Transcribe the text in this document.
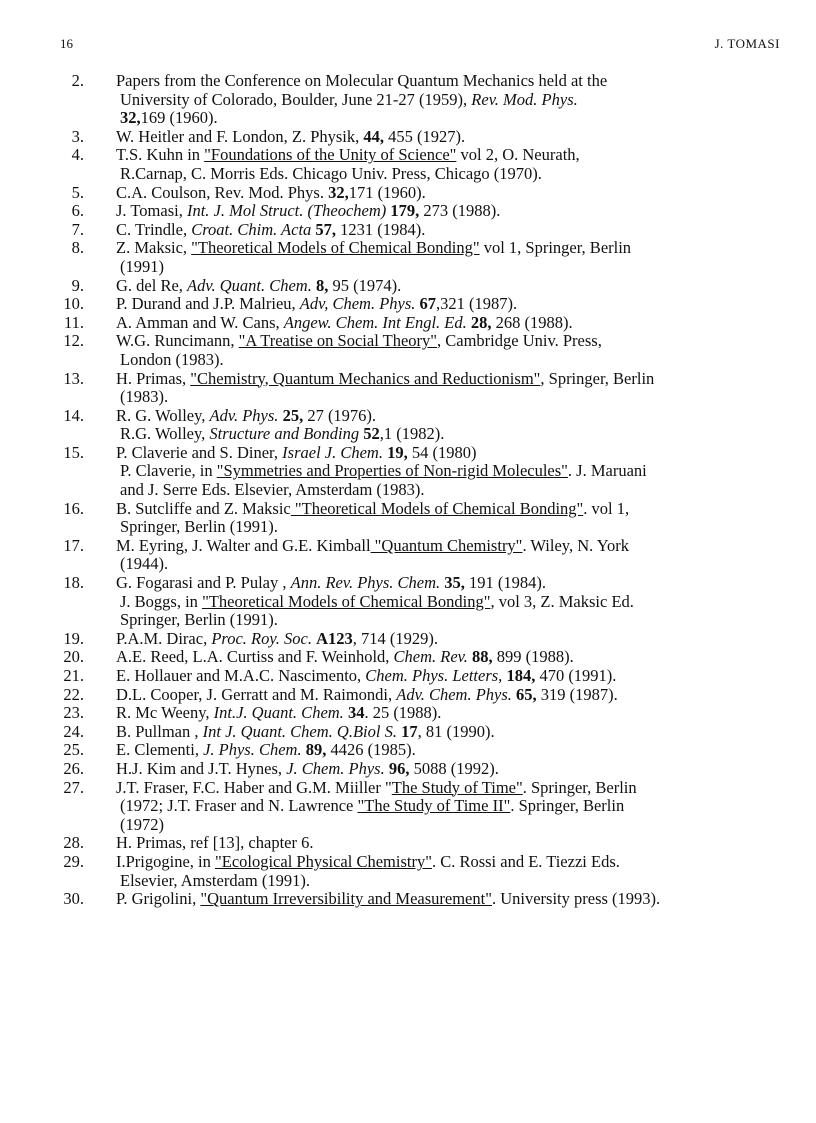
16	J. TOMASI
2. Papers from the Conference on Molecular Quantum Mechanics held at the
University of Colorado, Boulder, June 21-27 (1959), Rev. Mod. Phys.
32,169 (1960).
3. W. Heitler and F. London, Z. Physik, 44, 455 (1927).
4. T.S. Kuhn in "Foundations of the Unity of Science" vol 2, O. Neurath,
R.Carnap, C. Morris Eds. Chicago Univ. Press, Chicago (1970).
5. C.A. Coulson, Rev. Mod. Phys. 32,171 (1960).
6. J. Tomasi, Int. J. Mol Struct. (Theochem) 179, 273 (1988).
7. C. Trindle, Croat. Chim. Acta 57, 1231 (1984).
8. Z. Maksic, "Theoretical Models of Chemical Bonding" vol 1, Springer, Berlin
(1991)
9. G. del Re, Adv. Quant. Chem. 8, 95 (1974).
10. P. Durand and J.P. Malrieu, Adv, Chem. Phys. 67,321 (1987).
11. A. Amman and W. Cans, Angew. Chem. Int Engl. Ed. 28, 268 (1988).
12. W.G. Runcimann, "A Treatise on Social Theory", Cambridge Univ. Press,
London (1983).
13. H. Primas, "Chemistry, Quantum Mechanics and Reductionism", Springer, Berlin
(1983).
14. R. G. Wolley, Adv. Phys. 25, 27 (1976).
R.G. Wolley, Structure and Bonding 52,1 (1982).
15. P. Claverie and S. Diner, Israel J. Chem. 19, 54 (1980)
P. Claverie, in "Symmetries and Properties of Non-rigid Molecules". J. Maruani
and J. Serre Eds. Elsevier, Amsterdam (1983).
16. B. Sutcliffe and Z. Maksic "Theoretical Models of Chemical Bonding". vol 1,
Springer, Berlin (1991).
17. M. Eyring, J. Walter and G.E. Kimball "Quantum Chemistry". Wiley, N. York
(1944).
18. G. Fogarasi and P. Pulay , Ann. Rev. Phys. Chem. 35, 191 (1984).
J. Boggs, in "Theoretical Models of Chemical Bonding", vol 3, Z. Maksic Ed.
Springer, Berlin (1991).
19. P.A.M. Dirac, Proc. Roy. Soc. A123, 714 (1929).
20. A.E. Reed, L.A. Curtiss and F. Weinhold, Chem. Rev. 88, 899 (1988).
21. E. Hollauer and M.A.C. Nascimento, Chem. Phys. Letters, 184, 470 (1991).
22. D.L. Cooper, J. Gerratt and M. Raimondi, Adv. Chem. Phys. 65, 319 (1987).
23. R. Mc Weeny, Int.J. Quant. Chem. 34. 25 (1988).
24. B. Pullman , Int J. Quant. Chem. Q.Biol S. 17, 81 (1990).
25. E. Clementi, J. Phys. Chem. 89, 4426 (1985).
26. H.J. Kim and J.T. Hynes, J. Chem. Phys. 96, 5088 (1992).
27. J.T. Fraser, F.C. Haber and G.M. Miiller "The Study of Time". Springer, Berlin
(1972; J.T. Fraser and N. Lawrence "The Study of Time II". Springer, Berlin
(1972)
28. H. Primas, ref [13], chapter 6.
29. I.Prigogine, in "Ecological Physical Chemistry". C. Rossi and E. Tiezzi Eds.
Elsevier, Amsterdam (1991).
30. P. Grigolini, "Quantum Irreversibility and Measurement". University press (1993).
